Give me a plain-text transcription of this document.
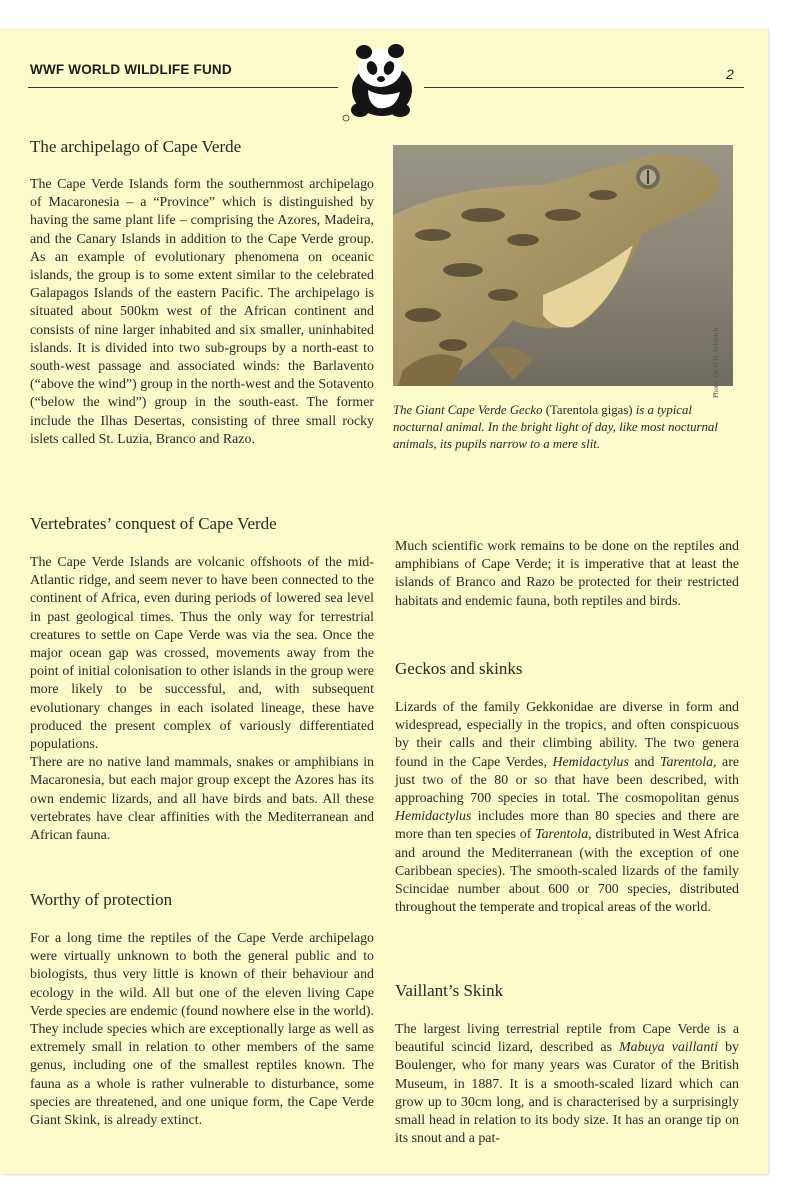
WWF WORLD WILDLIFE FUND	2
Photo: Dr. H.H. Schleich
The Giant Cape Verde Gecko (Tarentola gigas) is a typical nocturnal animal. In the bright light of day, like most nocturnal animals, its pupils narrow to a mere slit.
The archipelago of Cape Verde

The Cape Verde Islands form the southernmost archipelago of Macaronesia – a “Province” which is distinguished by having the same plant life – comprising the Azores, Madeira, and the Canary Islands in addition to the Cape Verde group. As an example of evolutionary phenomena on oceanic islands, the group is to some extent similar to the celebrated Galapagos Islands of the eastern Pacific. The archipelago is situated about 500km west of the African continent and consists of nine larger inhabited and six smaller, uninhabited islands. It is divided into two sub-groups by a north-east to south-west passage and associated winds: the Barlavento (“above the wind”) group in the north-west and the Sotavento (“below the wind”) group in the south-east. The former include the Ilhas Desertas, consisting of three small rocky islets called St. Luzia, Branco and Razo.

Vertebrates’ conquest of Cape Verde

The Cape Verde Islands are volcanic offshoots of the mid-Atlantic ridge, and seem never to have been connected to the continent of Africa, even during periods of lowered sea level in past geological times. Thus the only way for terrestrial creatures to settle on Cape Verde was via the sea. Once the major ocean gap was crossed, movements away from the point of initial colonisation to other islands in the group were more likely to be successful, and, with subsequent evolutionary changes in each isolated lineage, these have produced the present complex of variously differentiated populations.

There are no native land mammals, snakes or amphibians in Macaronesia, but each major group except the Azores has its own endemic lizards, and all have birds and bats. All these vertebrates have clear affinities with the Mediterranean and African fauna.

Worthy of protection

For a long time the reptiles of the Cape Verde archipelago were virtually unknown to both the general public and to biologists, thus very little is known of their behaviour and ecology in the wild. All but one of the eleven living Cape Verde species are endemic (found nowhere else in the world). They include species which are exceptionally large as well as extremely small in relation to other members of the same genus, including one of the smallest reptiles known. The fauna as a whole is rather vulnerable to disturbance, some species are threatened, and one unique form, the Cape Verde Giant Skink, is already extinct.

Much scientific work remains to be done on the reptiles and amphibians of Cape Verde; it is imperative that at least the islands of Branco and Razo be protected for their restricted habitats and endemic fauna, both reptiles and birds.

Geckos and skinks

Lizards of the family Gekkonidae are diverse in form and widespread, especially in the tropics, and often conspicuous by their calls and their climbing ability. The two genera found in the Cape Verdes, Hemidactylus and Tarentola, are just two of the 80 or so that have been described, with approaching 700 species in total. The cosmopolitan genus Hemidactylus includes more than 80 species and there are more than ten species of Tarentola, distributed in West Africa and around the Mediterranean (with the exception of one Caribbean species). The smooth-scaled lizards of the family Scincidae number about 600 or 700 species, distributed throughout the temperate and tropical areas of the world.

Vaillant’s Skink

The largest living terrestrial reptile from Cape Verde is a beautiful scincid lizard, described as Mabuya vaillanti by Boulenger, who for many years was Curator of the British Museum, in 1887. It is a smooth-scaled lizard which can grow up to 30cm long, and is characterised by a surprisingly small head in relation to its body size. It has an orange tip on its snout and a pat-
